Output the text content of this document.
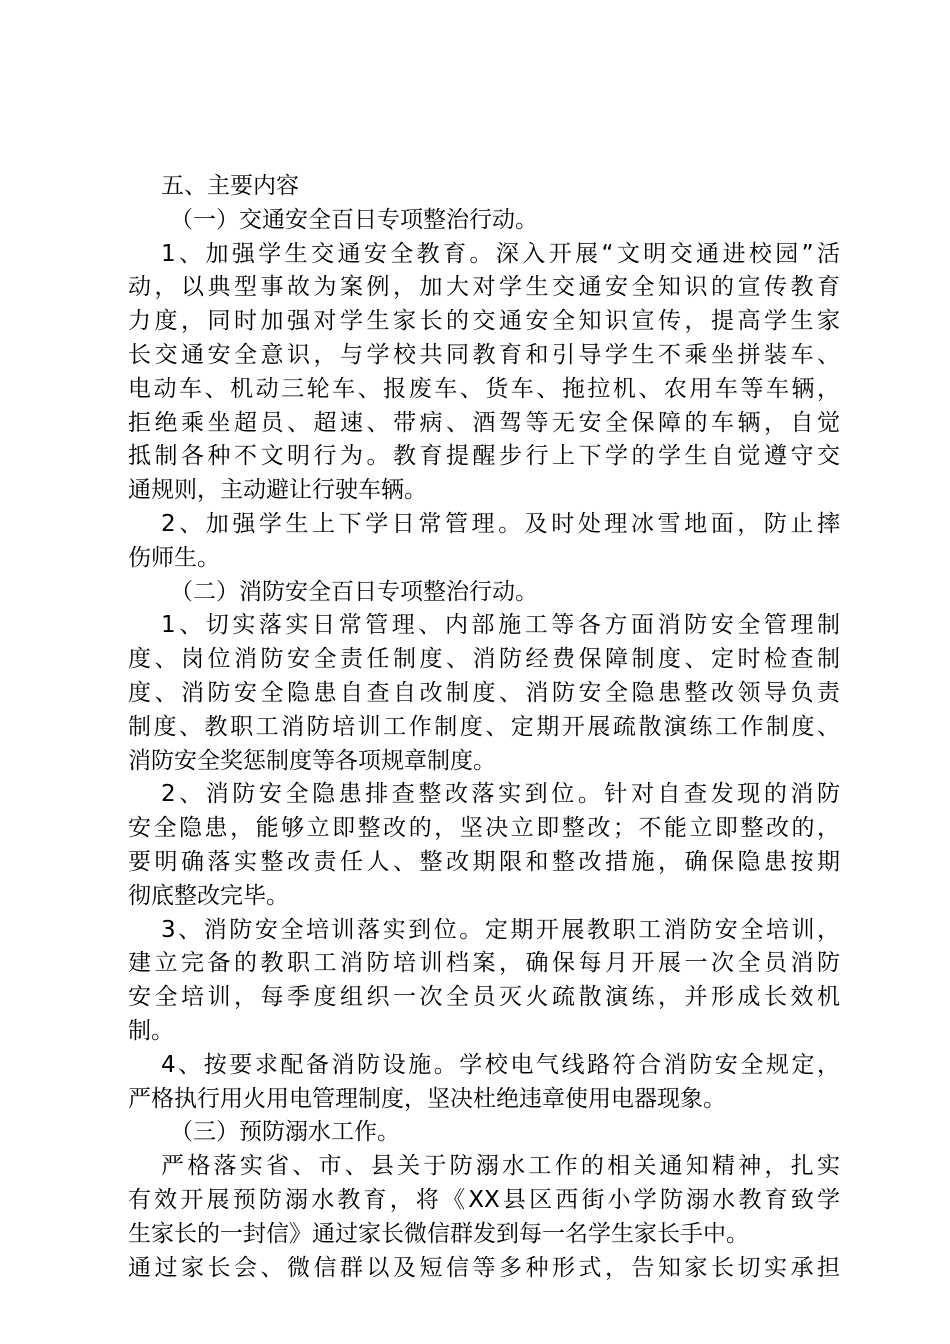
五、主要内容
（一）交通安全百日专项整治行动。
1、加强学生交通安全教育。深入开展“文明交通进校园”活
动，以典型事故为案例，加大对学生交通安全知识的宣传教育
力度，同时加强对学生家长的交通安全知识宣传，提高学生家
长交通安全意识，与学校共同教育和引导学生不乘坐拼装车、
电动车、机动三轮车、报废车、货车、拖拉机、农用车等车辆，
拒绝乘坐超员、超速、带病、酒驾等无安全保障的车辆，自觉
抵制各种不文明行为。教育提醒步行上下学的学生自觉遵守交
通规则，主动避让行驶车辆。
2、加强学生上下学日常管理。及时处理冰雪地面，防止摔
伤师生。
（二）消防安全百日专项整治行动。
1、切实落实日常管理、内部施工等各方面消防安全管理制
度、岗位消防安全责任制度、消防经费保障制度、定时检查制
度、消防安全隐患自查自改制度、消防安全隐患整改领导负责
制度、教职工消防培训工作制度、定期开展疏散演练工作制度、
消防安全奖惩制度等各项规章制度。
2、消防安全隐患排查整改落实到位。针对自查发现的消防
安全隐患，能够立即整改的，坚决立即整改；不能立即整改的，
要明确落实整改责任人、整改期限和整改措施，确保隐患按期
彻底整改完毕。
3、消防安全培训落实到位。定期开展教职工消防安全培训，
建立完备的教职工消防培训档案，确保每月开展一次全员消防
安全培训，每季度组织一次全员灭火疏散演练，并形成长效机
制。
4、按要求配备消防设施。学校电气线路符合消防安全规定，
严格执行用火用电管理制度，坚决杜绝违章使用电器现象。
（三）预防溺水工作。
严格落实省、市、县关于防溺水工作的相关通知精神，扎实
有效开展预防溺水教育，将《XX县区西街小学防溺水教育致学
生家长的一封信》通过家长微信群发到每一名学生家长手中。
通过家长会、微信群以及短信等多种形式，告知家长切实承担
